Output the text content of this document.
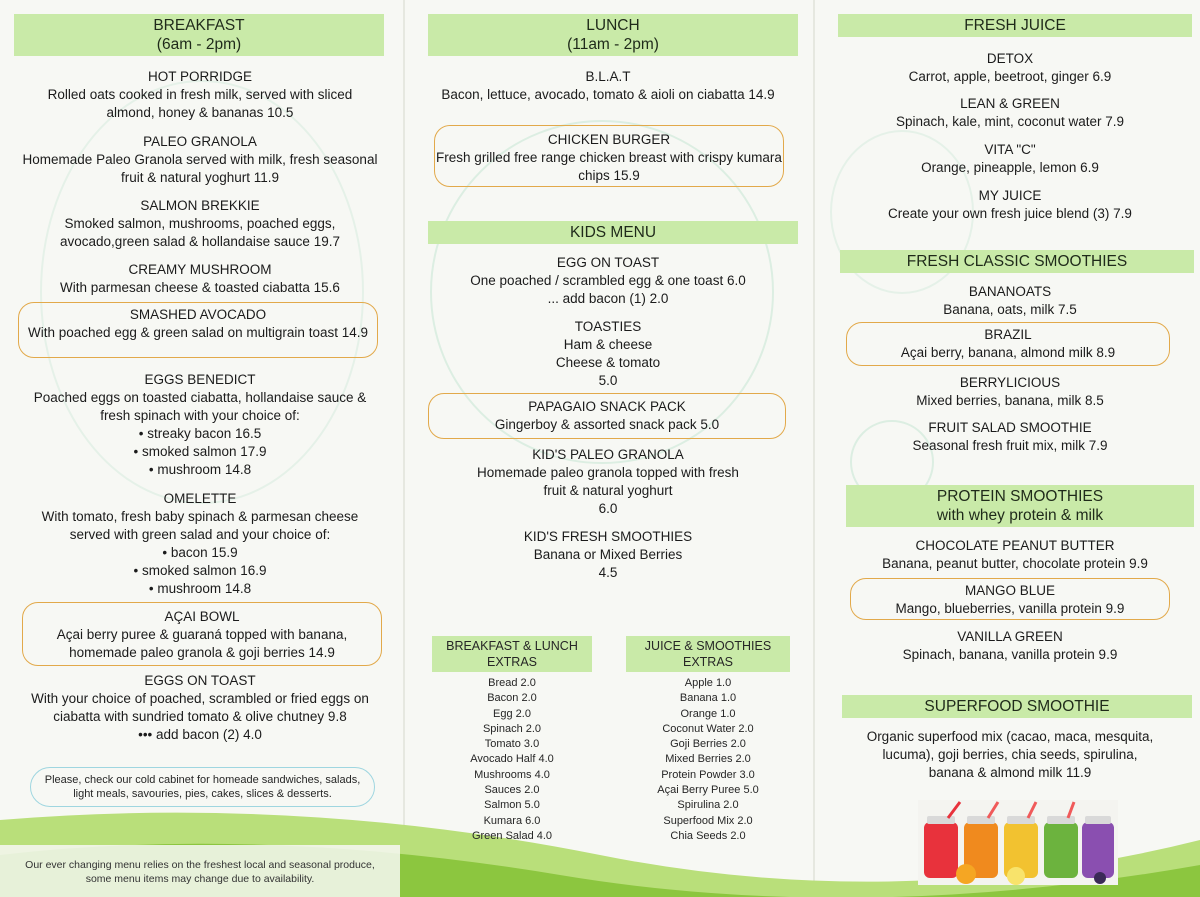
BREAKFAST
(6am - 2pm)
HOT PORRIDGE
Rolled oats cooked in fresh milk, served with sliced almond, honey & bananas 10.5
PALEO GRANOLA
Homemade Paleo Granola served with milk, fresh seasonal fruit & natural yoghurt 11.9
SALMON BREKKIE
Smoked salmon, mushrooms, poached eggs, avocado,green salad & hollandaise sauce 19.7
CREAMY MUSHROOM
With parmesan cheese & toasted ciabatta 15.6
SMASHED AVOCADO
With poached egg & green salad on multigrain toast 14.9
EGGS BENEDICT
Poached eggs on toasted ciabatta, hollandaise sauce & fresh spinach with your choice of:
• streaky bacon 16.5
• smoked salmon 17.9
• mushroom 14.8
OMELETTE
With tomato, fresh baby spinach & parmesan cheese served with green salad and your choice of:
• bacon 15.9
• smoked salmon 16.9
• mushroom 14.8
AÇAI BOWL
Açai berry puree & guaraná topped with banana, homemade paleo granola & goji berries 14.9
EGGS ON TOAST
With your choice of poached, scrambled or fried eggs on ciabatta with sundried tomato & olive chutney 9.8
••• add bacon (2) 4.0
Please, check our cold cabinet for homeade sandwiches, salads, light meals, savouries, pies, cakes, slices & desserts.
Our ever changing menu relies on the freshest local and seasonal produce, some menu items may change due to availability.
LUNCH
(11am - 2pm)
B.L.A.T
Bacon, lettuce, avocado, tomato & aioli on ciabatta 14.9
CHICKEN BURGER
Fresh grilled free range chicken breast with crispy kumara chips 15.9
KIDS MENU
EGG ON TOAST
One poached / scrambled egg & one toast 6.0
... add bacon (1) 2.0
TOASTIES
Ham & cheese
Cheese & tomato
5.0
PAPAGAIO SNACK PACK
Gingerboy & assorted snack pack 5.0
KID'S PALEO GRANOLA
Homemade paleo granola topped with fresh fruit & natural yoghurt
6.0
KID'S FRESH SMOOTHIES
Banana or Mixed Berries
4.5
BREAKFAST & LUNCH EXTRAS
Bread 2.0
Bacon 2.0
Egg 2.0
Spinach 2.0
Tomato 3.0
Avocado Half 4.0
Mushrooms 4.0
Sauces 2.0
Salmon 5.0
Kumara 6.0
Green Salad 4.0
JUICE & SMOOTHIES EXTRAS
Apple 1.0
Banana 1.0
Orange 1.0
Coconut Water 2.0
Goji Berries 2.0
Mixed Berries 2.0
Protein Powder 3.0
Açai Berry Puree 5.0
Spirulina 2.0
Superfood Mix 2.0
Chia Seeds 2.0
FRESH JUICE
DETOX
Carrot, apple, beetroot, ginger 6.9
LEAN & GREEN
Spinach, kale, mint, coconut water 7.9
VITA "C"
Orange, pineapple, lemon 6.9
MY JUICE
Create your own fresh juice blend (3) 7.9
FRESH CLASSIC SMOOTHIES
BANANOATS
Banana, oats, milk 7.5
BRAZIL
Açai berry, banana, almond milk 8.9
BERRYLICIOUS
Mixed berries, banana, milk 8.5
FRUIT SALAD SMOOTHIE
Seasonal fresh fruit mix, milk 7.9
PROTEIN SMOOTHIES
with whey protein & milk
CHOCOLATE PEANUT BUTTER
Banana, peanut butter, chocolate protein 9.9
MANGO BLUE
Mango, blueberries, vanilla protein 9.9
VANILLA GREEN
Spinach, banana, vanilla protein 9.9
SUPERFOOD SMOOTHIE
Organic superfood mix (cacao, maca, mesquita, lucuma), goji berries, chia seeds, spirulina, banana & almond milk 11.9
